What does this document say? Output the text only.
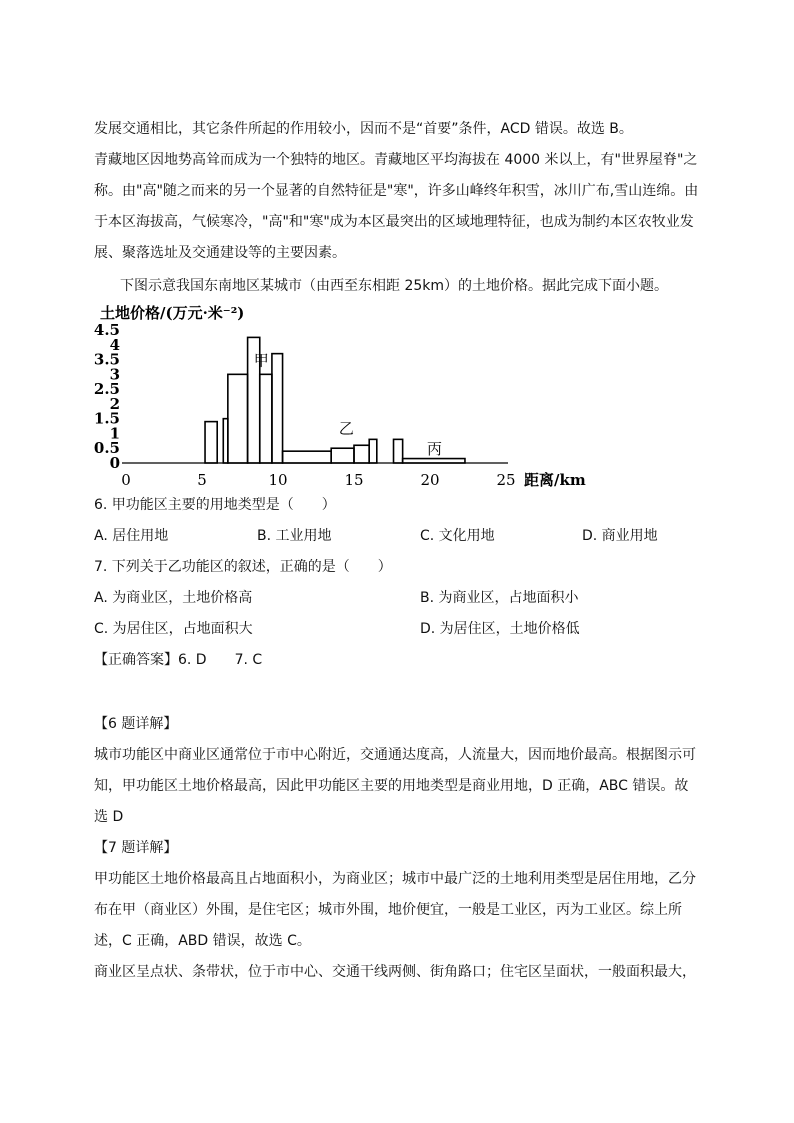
发展交通相比，其它条件所起的作用较小，因而不是“首要”条件，ACD 错误。故选 B。

青藏地区因地势高耸而成为一个独特的地区。青藏地区平均海拔在 4000 米以上，有"世界屋脊"之称。由"高"随之而来的另一个显著的自然特征是"寒"，许多山峰终年积雪，冰川广布,雪山连绵。由于本区海拔高，气候寒冷，"高"和"寒"成为本区最突出的区域地理特征，也成为制约本区农牧业发展、聚落选址及交通建设等的主要因素。

下图示意我国东南地区某城市（由西至东相距 25km）的土地价格。据此完成下面小题。
土地价格/(万元·米⁻²)
0
0.5
1
1.5
2
2.5
3
3.5
4
4.5
0	5	10	15	20	25
甲
乙
丙
距离/km
6. 甲功能区主要的用地类型是（　　）
A. 居住用地	B. 工业用地	C. 文化用地	D. 商业用地
7. 下列关于乙功能区的叙述，正确的是（　　）
A. 为商业区，土地价格高	B. 为商业区，占地面积小
C. 为居住区，占地面积大	D. 为居住区，土地价格低
【正确答案】6. D　　7. C
【6 题详解】

城市功能区中商业区通常位于市中心附近，交通通达度高，人流量大，因而地价最高。根据图示可知，甲功能区土地价格最高，因此甲功能区主要的用地类型是商业用地，D 正确，ABC 错误。故选 D

【7 题详解】

甲功能区土地价格最高且占地面积小，为商业区；城市中最广泛的土地利用类型是居住用地，乙分布在甲（商业区）外围，是住宅区；城市外围，地价便宜，一般是工业区，丙为工业区。综上所述，C 正确，ABD 错误，故选 C。

商业区呈点状、条带状，位于市中心、交通干线两侧、街角路口；住宅区呈面状，一般面积最大，
